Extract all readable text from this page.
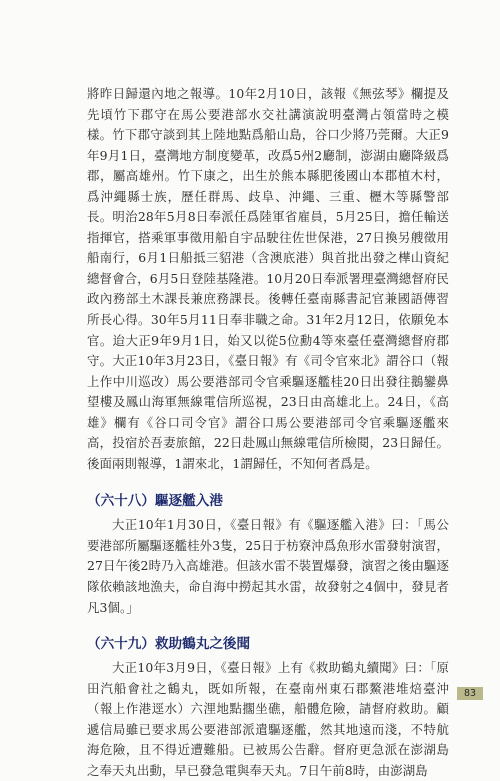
將昨日歸還內地之報導。10年2月10日，該報《無弦琴》欄提及先頃竹下郡守在馬公要港部水交社講演說明臺灣占領當時之模樣。竹下郡守談到其上陸地點爲船山島，谷口少將乃莞爾。大正9年9月1日，臺灣地方制度變革，改爲5州2廳制，澎湖由廳降級爲郡，屬高雄州。竹下康之，出生於熊本縣肥後國山本郡植木村，爲沖繩縣士族，歷任群馬、歧阜、沖繩、三重、櫪木等縣警部長。明治28年5月8日奉派任爲陸軍省雇員，5月25日，擔任輸送指揮官，搭乘軍事徵用船自宇品駛往佐世保港，27日換另艘徵用船南行，6月1日船抵三貂港（含澳底港）與首批出發之樺山資紀總督會合，6月5日登陸基隆港。10月20日奉派署理臺灣總督府民政內務部土木課長兼庶務課長。後轉任臺南縣書記官兼國語傳習所長心得。30年5月11日奉非職之命。31年2月12日，依願免本官。迨大正9年9月1日，始又以從5位勳4等來臺任臺灣總督府郡守。大正10年3月23日，《臺日報》有《司令官來北》謂谷口（報上作中川巡改）馬公要港部司令官乘驅逐艦桂20日出發往鵝鑾鼻望樓及鳳山海軍無線電信所巡視，23日由高雄北上。24日，《高雄》欄有《谷口司令官》謂谷口馬公要港部司令官乘驅逐艦來高，投宿於吾妻旅館，22日赴鳳山無線電信所檢閱，23日歸任。後面兩則報導，1謂來北，1謂歸任，不知何者爲是。

（六十八）驅逐艦入港

大正10年1月30日，《臺日報》有《驅逐艦入港》曰：「馬公要港部所屬驅逐艦桂外3隻，25日于枋寮沖爲魚形水雷發射演習，27日午後2時乃入高雄港。但該水雷不裝置爆發，演習之後由驅逐隊依賴該地漁夫，命自海中撈起其水雷，故發射之4個中，發見者凡3個。」

（六十九）救助鶴丸之後聞

大正10年3月9日，《臺日報》上有《救助鶴丸續聞》曰：「原田汽船會社之鶴丸，既如所報，在臺南州東石郡鰲港堆焙臺沖（報上作港逕水）六浬地點擱坐礁，船體危險，請督府救助。顧遞信局雖已要求馬公要港部派遣驅逐艦，然其地遠而淺，不特航海危險，且不得近遭難船。已被馬公告辭。督府更急派在澎湖島之奉天丸出動，早已發急電與奉天丸。7日午前8時，由澎湖島

83
